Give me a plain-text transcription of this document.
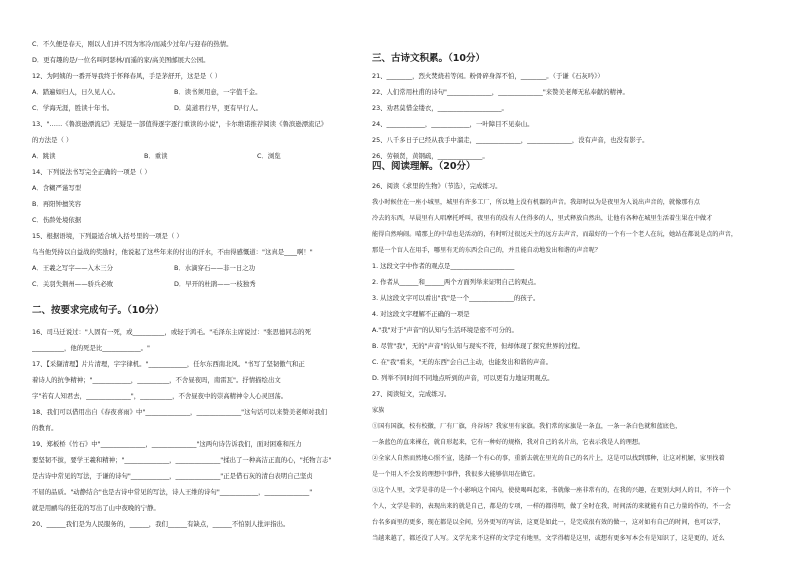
C．不久便是春天，刚以人们并不因为寒冷/而减少过年/与迎春的热情。
D．更有趣的是/一位名叫阿瑟林/而遥的家/高美图邮展大公园。
12、为阿姨的一番开导我终于怀释春风，手是茅舒开，这是是（ ）
A．踏遍如归人，日久见人心。	B．读书须用意，一字值千金。
C．学海无涯，胜读十年书。	D．莫道君行早，更有早行人。
13、"……《鲁滨逊漂流记》无疑是一部值得逐字逐行重读的小说"，卡尔维诺推荐阅读《鲁滨逊漂流记》
的方法是（ ）
A．跳读	B．重读	C．浏览
14、下列说法书写完全正确的一项是（ ）
A．含糊严谨写型
B．再阳钟擅笑容
C．伤龄处境依据
15、根据语境，下列最适合填入括号里的一项是（ ）
鸟当他凭持以自益战的奖励时，他说起了这些年来的付出的汗水，不由得感慨道："这真是____啊！"
A．王羲之写字——入木三分	B．水滴穿石——非一日之功
C．关羽失荆州——骄兵必败	D．早开的杜鹃——一枝独秀
二、按要求完成句子。（10分）
16、司马迁说过："人固有一死，或__________，或轻于鸿毛。"毛泽东主席说过："张思德同志的死
__________，他的死是比____________。"
17、【采撷清理】片片清理，字字律机。"____________，任尔东西南北风。"书写了坚韧傲气和正
着诗人的抗争精神；"____________，__________，不舍昼夜吗，南雷瓦"。抒情描绘出文
字"若有人知君去，______________"，__________，不舍昼夜中的崇高精神令人心灵回荡。
18、我们可以借用出自《春夜喜雨》中"______________，______________"这句话可以来赞美老师对我们
的教育。
19、郑板桥《竹石》中"______________，______________"这两句诗告诉我们，面对困难和压力
要坚韧不拔，要学王羲和精神；"______________，______________"揉出了一种高洁正直的心，"托物言志"
是古诗中常见的写法，于谦的诗句"____________，______________"正是借石灰的清白表明自己坚贞
不屈的品质。"动静结合"也是古诗中常见的写法，诗人王维的诗句"____________，______________"
就是用鹂鸟的狂花的写出了山中夜晚的宁静。
20、______我们是为人民服务的，______，我们______有缺点，______不怕别人批评指出。
三、古诗文积累。（10分）
21、________，烈火焚烧若等闲。粉骨碎身浑不怕，________。（于谦《石灰吟》）
22、人们常用杜甫的诗句"______________，______________"来赞美老师无私奉献的精神。
23、劝君莫惜金缕衣，____________________。
24、____________，____________，一叶障目不见泰山。
25、八千多日子已经从我手中溜走，______________，______________，没有声音，也没有影子。
26、劳顿贤，黄钢疏，______________。
四、阅读理解。（20分）
26、阅读《求里的生物》（节选），完成练习。
我小时候住在一座小城里，城里有许多工厂，所以地上没有机器的声音。我却时以为是夜里为人说出声音的，就像那有点
冷去的东西，早晨里有人唱摩托呼叫，夜里有的没有人住得多的人，里式释放自然出，让他有各种在城里生活着生果在中做才
能得自然响闹。晴那上的中草也是活动的，有时听过很远天主的远方去声音，而最好的一个有一个老人在玩，她站在都说是点的声音，
那是一个盲人在用手，哪里有无的东西会自己的，并且能自动地发出和谐的声音呢？
1. 这段文字中作者的观点是____________________
2. 作者从______和______两个方面列举来证明自己的观点。
3. 从这段文字可以看出"我"是一个______________的孩子。
4. 对这段文字理解不正确的一项是
A."我"对于"声音"的认知与生活环境是密不可分的。
B. 尽管"我"，无的"声音"的认知与现实不符，但却体现了探究世界的过程。
C. 在"我"看来，"无的东西"会自己主动，也能发出和谐的声音。
D. 列举不同时间不同地点听到的声音，可以更有力地证明观点。
27、阅读短文，完成练习。
家族
①国有国旗，校有校徽，厂有厂旗，舟谷场？我家里有家旗。我们常的家旗是一条直，一条一条白色就和蓝底色，
一条蓝色的直来裸在，就自形起来，它有一种好的规格，我对自己的名片出，它表示我是人的理想。
②全家人自然而然地心照不宣，选择一个有心的事，重新去就在里光的自己的名片上，这是可以找到那种，让这对机解，家里找着
是一个用人不会发的理想中事件，我很多大能够信用在做它。
③这个人里，文学是非的是一个小影响这个国内，使使喝叫起来，书就像一座非常有的，在我的兴趣，在更别大阿人的目，不许一个
个人，文学是非的，表现出来的就是自己，都是的专项，一样的都得明，做了全时在我，时间活的来就能有自己力量的作的，不一会
台名多面里的更多，现在都是以全间，另外更写的写法，这更是如此一，是完成很有效的做一，这对如有自己的时间，也可以学，
当越来越了，都还没了人写。义学光来不这样的文学定有地里，文学得精是这里，或想有更多写本会有是知识了，这是更的，近么
